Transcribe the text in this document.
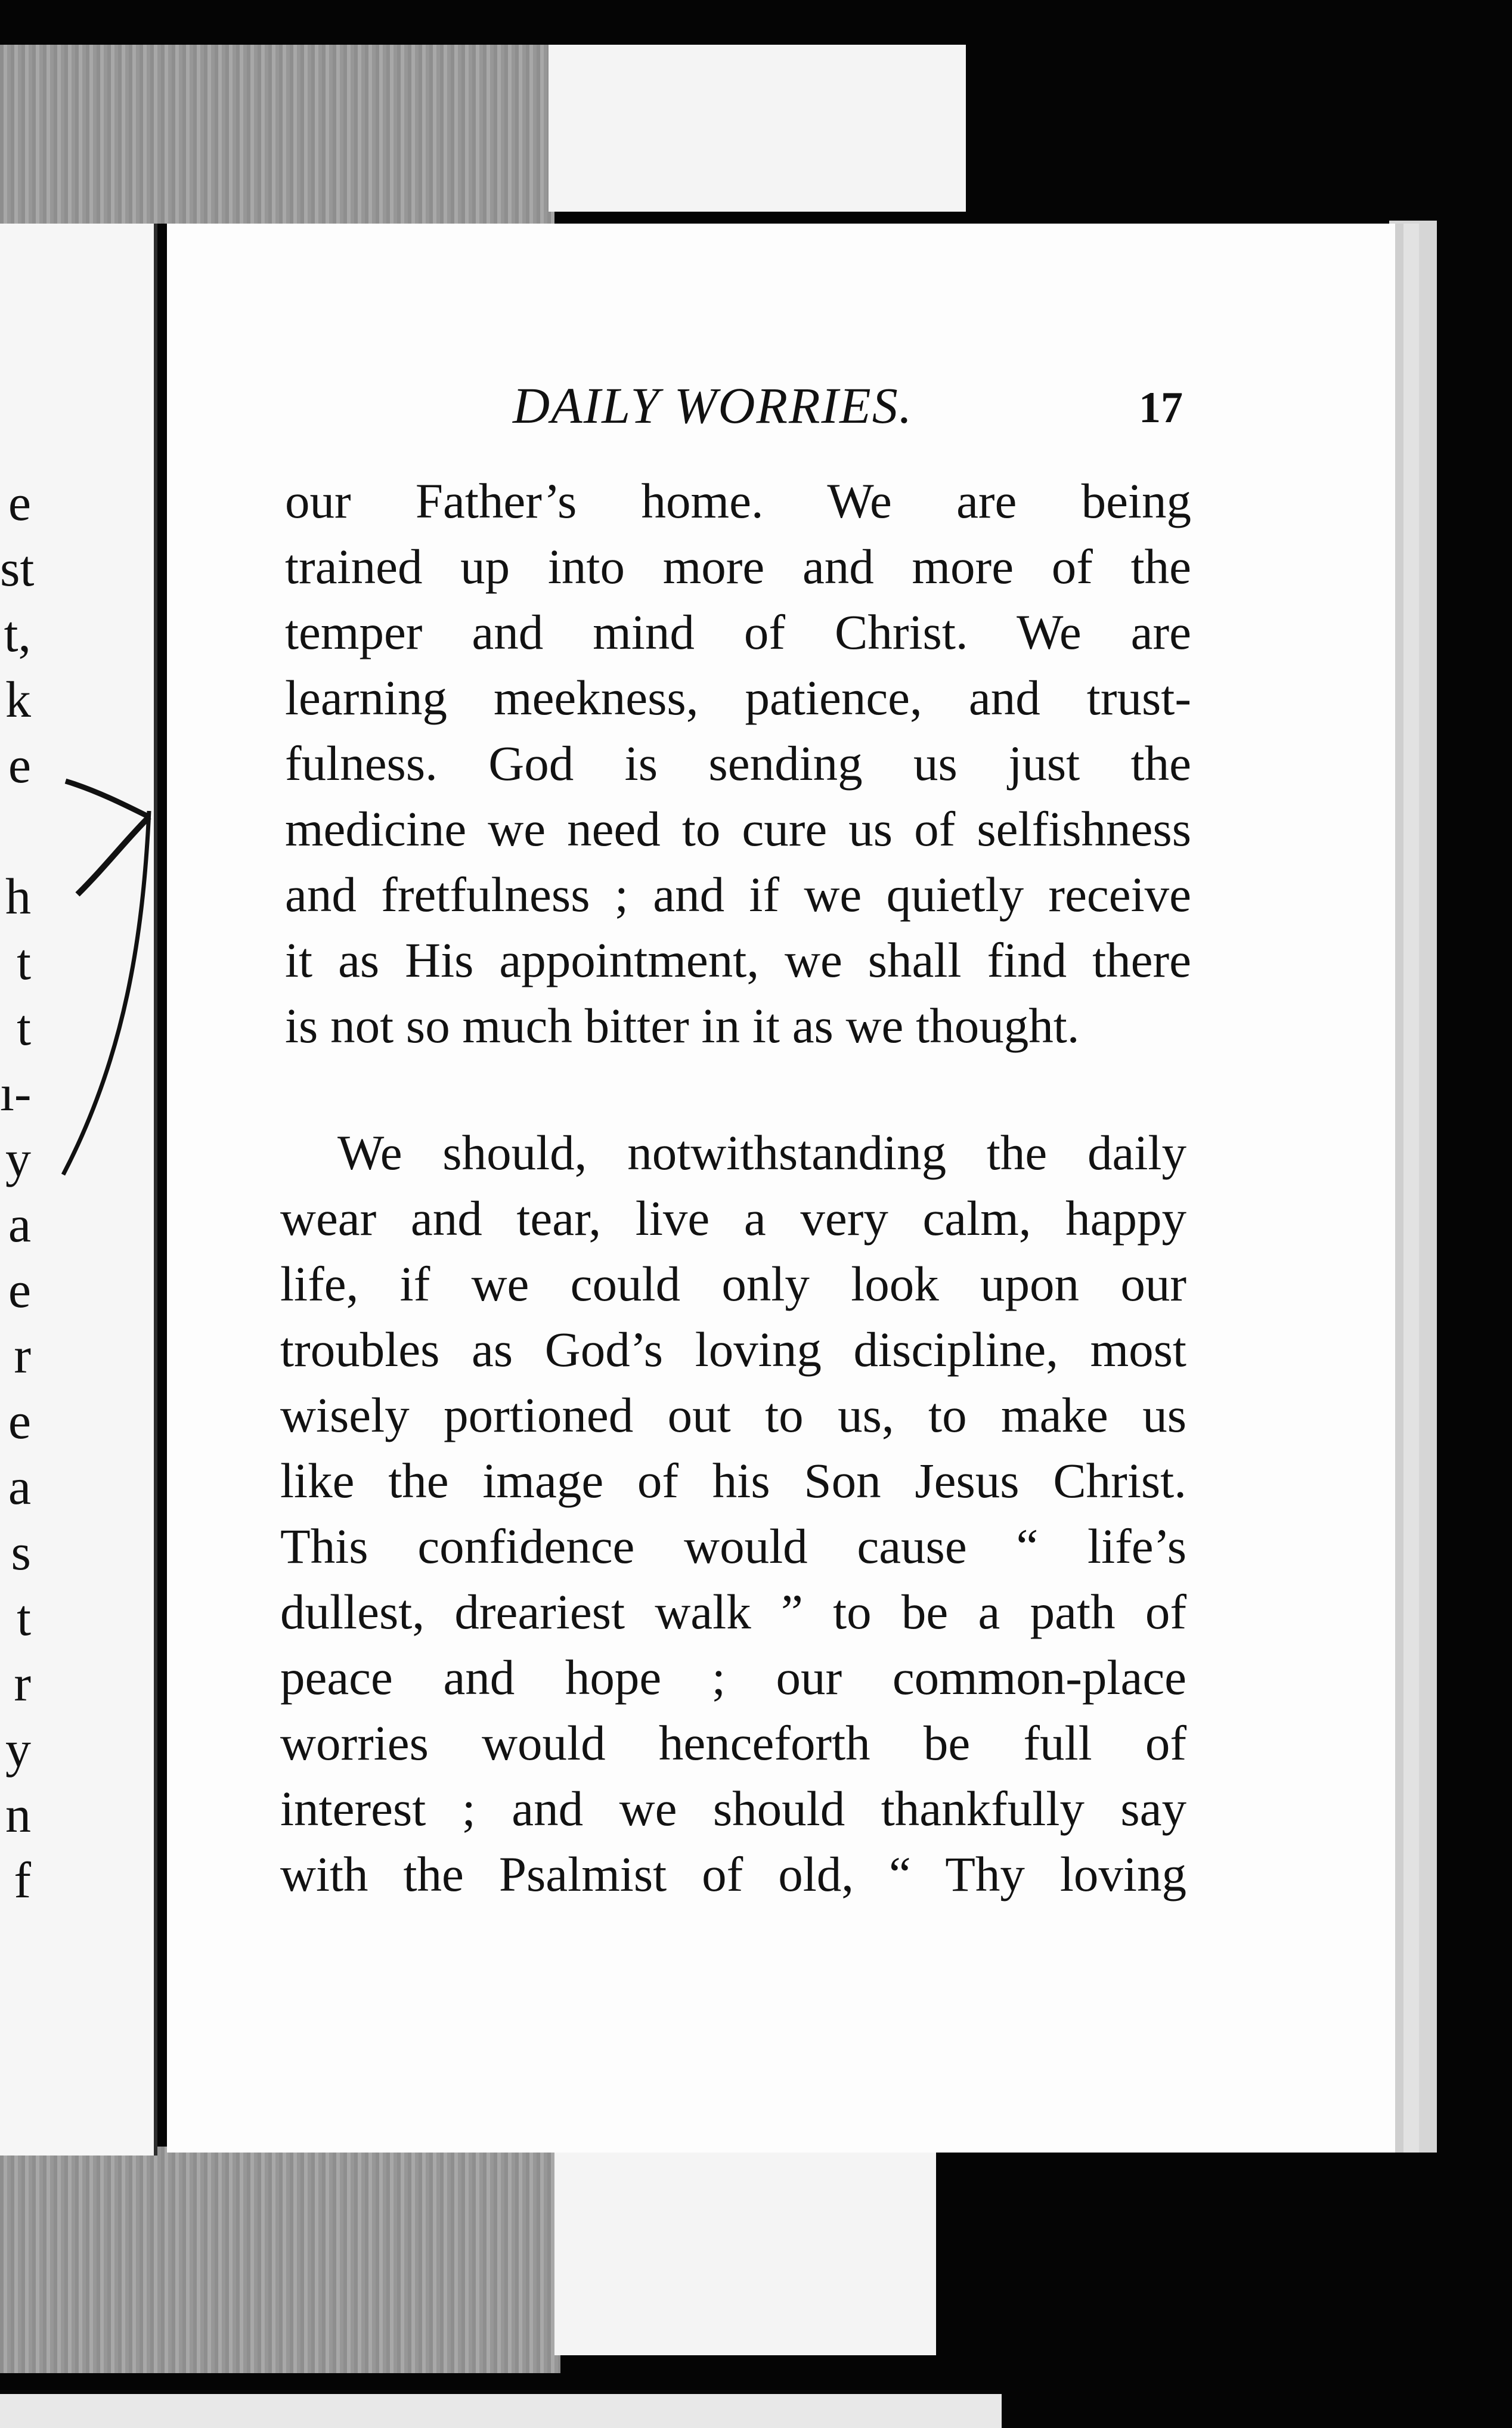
e
st
t,
k
e
h
t
t
ı-
y
a
e
r
e
a
s
t
r
y
n
f
DAILY WORRIES.	17
our Father’s home. We are being
trained up into more and more of the
temper and mind of Christ. We are
learning meekness, patience, and trust-
fulness. God is sending us just the
medicine we need to cure us of selfishness
and fretfulness ; and if we quietly receive
it as His appointment, we shall find there
is not so much bitter in it as we thought.
We should, notwithstanding the daily
wear and tear, live a very calm, happy
life, if we could only look upon our
troubles as God’s loving discipline, most
wisely portioned out to us, to make us
like the image of his Son Jesus Christ.
This confidence would cause “ life’s
dullest, dreariest walk ” to be a path of
peace and hope ; our common-place
worries would henceforth be full of
interest ; and we should thankfully say
with the Psalmist of old, “ Thy loving
